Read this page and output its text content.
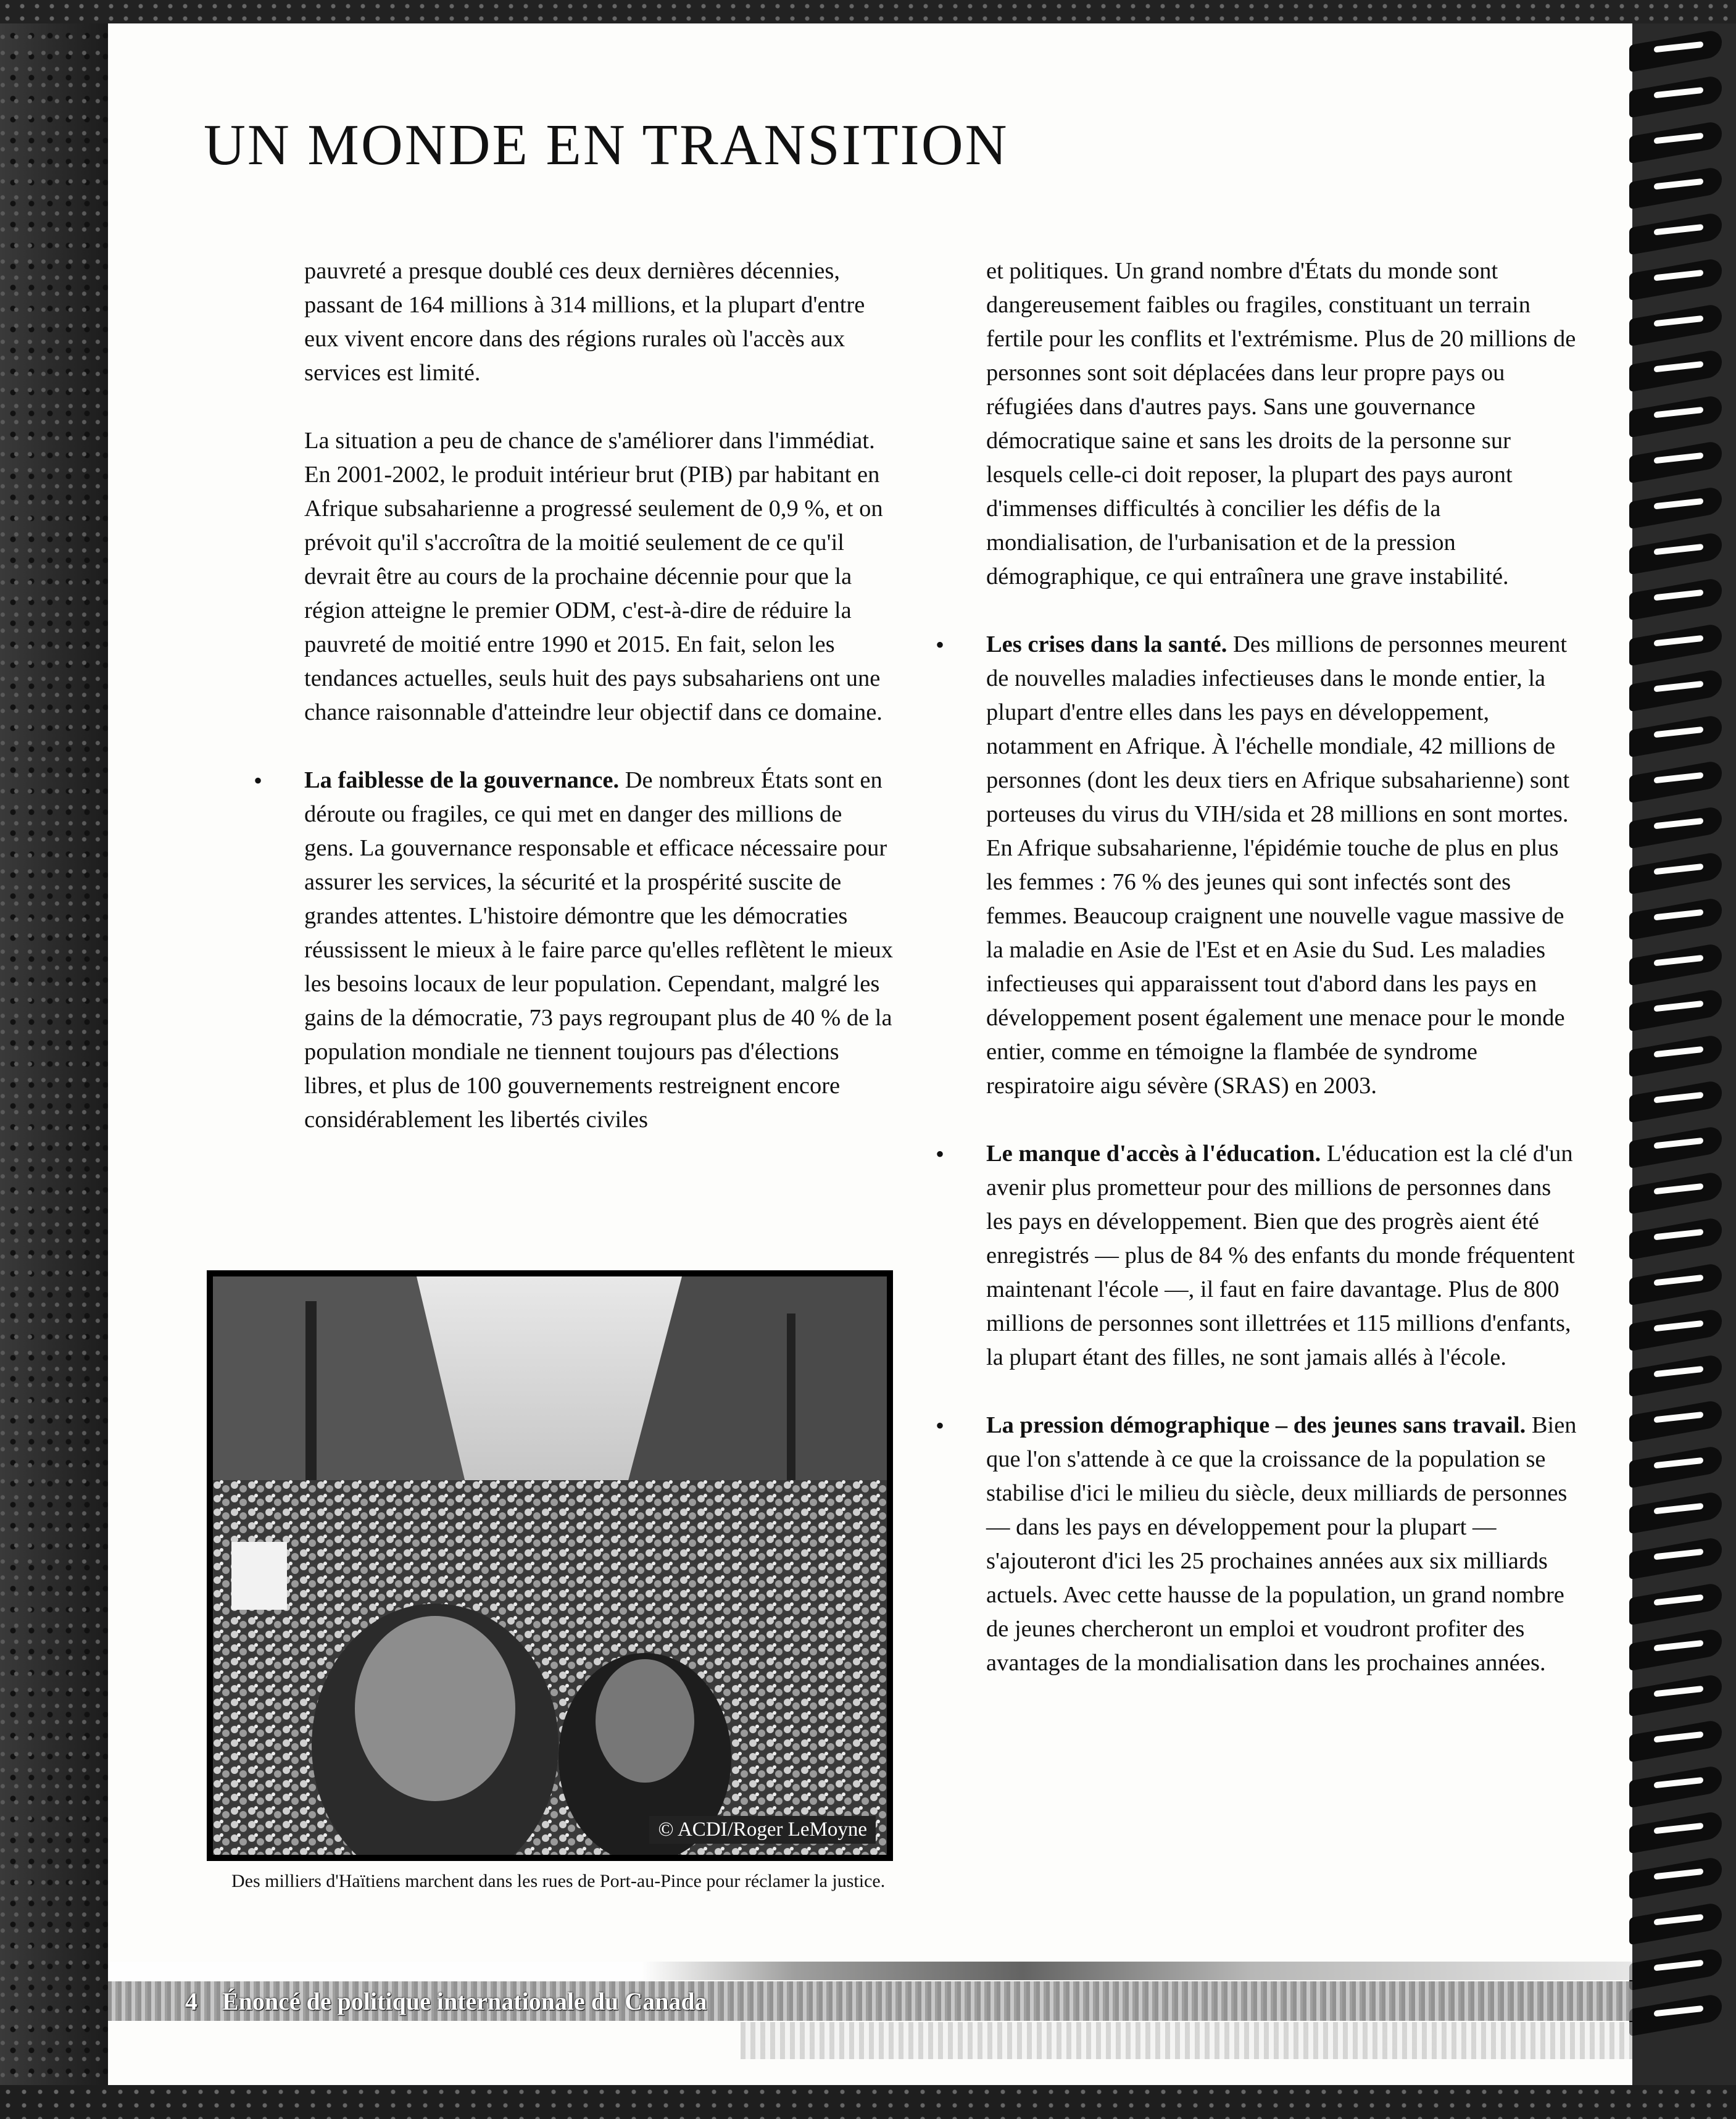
UN MONDE EN TRANSITION

pauvreté a presque doublé ces deux dernières décennies, passant de 164 millions à 314 millions, et la plupart d'entre eux vivent encore dans des régions rurales où l'accès aux services est limité.

La situation a peu de chance de s'améliorer dans l'immédiat. En 2001-2002, le produit intérieur brut (PIB) par habitant en Afrique subsaharienne a progressé seulement de 0,9 %, et on prévoit qu'il s'accroîtra de la moitié seulement de ce qu'il devrait être au cours de la prochaine décennie pour que la région atteigne le premier ODM, c'est-à-dire de réduire la pauvreté de moitié entre 1990 et 2015. En fait, selon les tendances actuelles, seuls huit des pays subsahariens ont une chance raisonnable d'atteindre leur objectif dans ce domaine.

• La faiblesse de la gouvernance. De nombreux États sont en déroute ou fragiles, ce qui met en danger des millions de gens. La gouvernance responsable et efficace nécessaire pour assurer les services, la sécurité et la prospérité suscite de grandes attentes. L'histoire démontre que les démocraties réussissent le mieux à le faire parce qu'elles reflètent le mieux les besoins locaux de leur population. Cependant, malgré les gains de la démocratie, 73 pays regroupant plus de 40 % de la population mondiale ne tiennent toujours pas d'élections libres, et plus de 100 gouvernements restreignent encore considérablement les libertés civiles

et politiques. Un grand nombre d'États du monde sont dangereusement faibles ou fragiles, constituant un terrain fertile pour les conflits et l'extrémisme. Plus de 20 millions de personnes sont soit déplacées dans leur propre pays ou réfugiées dans d'autres pays. Sans une gouvernance démocratique saine et sans les droits de la personne sur lesquels celle-ci doit reposer, la plupart des pays auront d'immenses difficultés à concilier les défis de la mondialisation, de l'urbanisation et de la pression démographique, ce qui entraînera une grave instabilité.

• Les crises dans la santé. Des millions de personnes meurent de nouvelles maladies infectieuses dans le monde entier, la plupart d'entre elles dans les pays en développement, notamment en Afrique. À l'échelle mondiale, 42 millions de personnes (dont les deux tiers en Afrique subsaharienne) sont porteuses du virus du VIH/sida et 28 millions en sont mortes. En Afrique subsaharienne, l'épidémie touche de plus en plus les femmes : 76 % des jeunes qui sont infectés sont des femmes. Beaucoup craignent une nouvelle vague massive de la maladie en Asie de l'Est et en Asie du Sud. Les maladies infectieuses qui apparaissent tout d'abord dans les pays en développement posent également une menace pour le monde entier, comme en témoigne la flambée de syndrome respiratoire aigu sévère (SRAS) en 2003.
• Le manque d'accès à l'éducation. L'éducation est la clé d'un avenir plus prometteur pour des millions de personnes dans les pays en développement. Bien que des progrès aient été enregistrés — plus de 84 % des enfants du monde fréquentent maintenant l'école —, il faut en faire davantage. Plus de 800 millions de personnes sont illettrées et 115 millions d'enfants, la plupart étant des filles, ne sont jamais allés à l'école.
• La pression démographique – des jeunes sans travail. Bien que l'on s'attende à ce que la croissance de la population se stabilise d'ici le milieu du siècle, deux milliards de personnes — dans les pays en développement pour la plupart — s'ajouteront d'ici les 25 prochaines années aux six milliards actuels. Avec cette hausse de la population, un grand nombre de jeunes chercheront un emploi et voudront profiter des avantages de la mondialisation dans les prochaines années.
© ACDI/Roger LeMoyne
Des milliers d'Haïtiens marchent dans les rues de Port-au-Pince pour réclamer la justice.
4 Énoncé de politique internationale du Canada
